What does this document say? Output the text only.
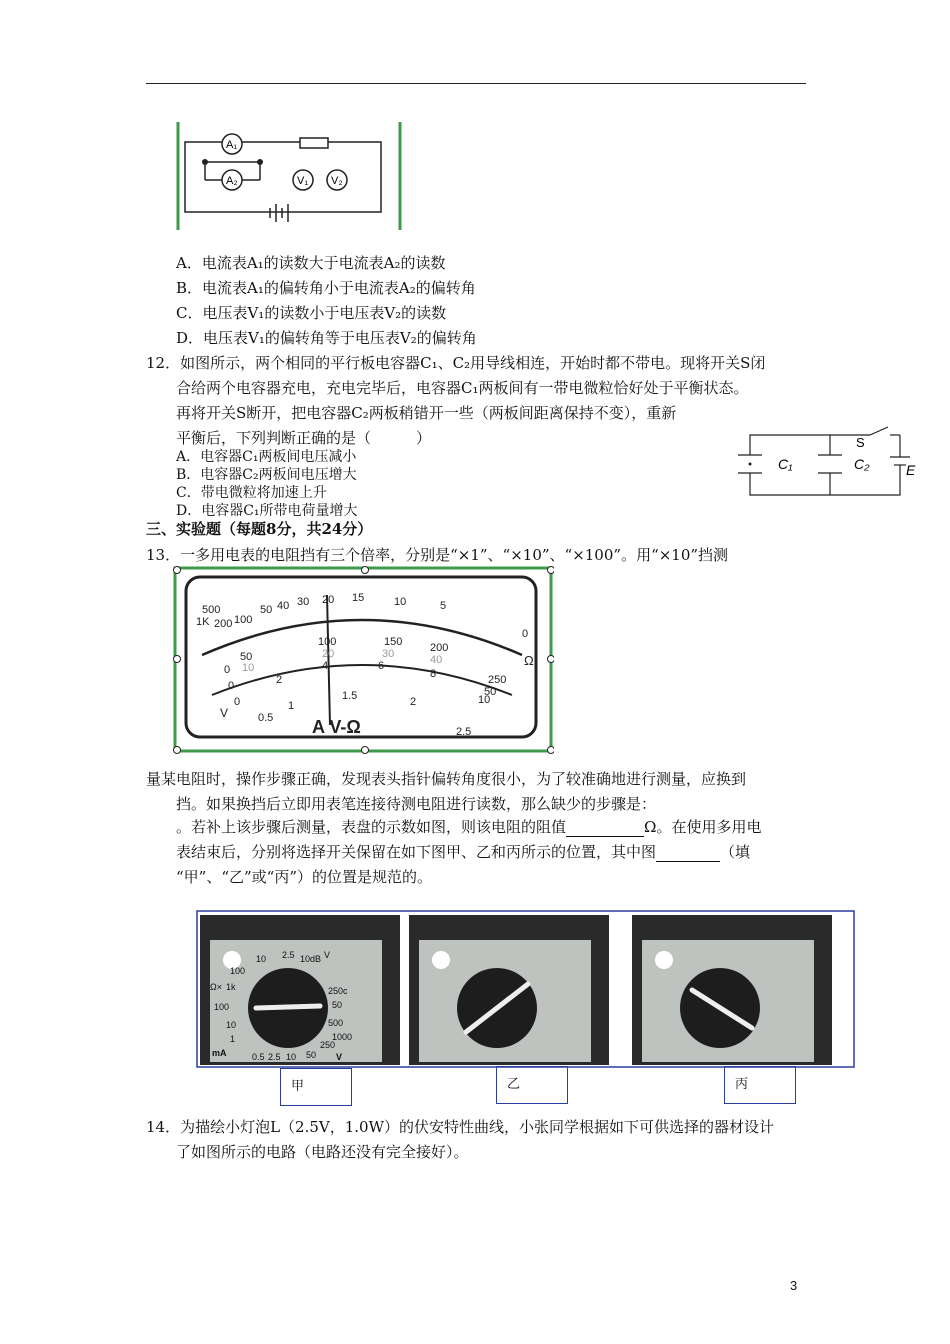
A₁
A₂	V₁ V₂
A．电流表A₁的读数大于电流表A₂的读数
B．电流表A₁的偏转角小于电流表A₂的偏转角
C．电压表V₁的读数小于电压表V₂的读数
D．电压表V₁的偏转角等于电压表V₂的偏转角
12．如图所示，两个相同的平行板电容器C₁、C₂用导线相连，开始时都不带电。现将开关S闭
合给两个电容器充电，充电完毕后，电容器C₁两板间有一带电微粒恰好处于平衡状态。
再将开关S断开，把电容器C₂两板稍错开一些（两板间距离保持不变），重新
平衡后，下列判断正确的是（　　　）
A．电容器C₁两板间电压减小
B．电容器C₂两板间电压增大
C．带电微粒将加速上升
D．电容器C₁所带电荷量增大
C₁	C₂
S
E
三、实验题（每题8分，共24分）
13．一多用电表的电阻挡有三个倍率，分别是“×1”、“×10”、“×100”。用“×10”挡测
500
1K 200 100
50 40 30 20 15	10	5
0
50
100	150	200
250
0 10
20	30	40
50
0	2
4	6
8
10
0
0.5
1
1.5	2
2.5
Ω
V
A V-Ω
量某电阻时，操作步骤正确，发现表头指针偏转角度很小，为了较准确地进行测量，应换到
挡。如果换挡后立即用表笔连接待测电阻进行读数，那么缺少的步骤是：
。若补上该步骤后测量，表盘的示数如图，则该电阻的阻值	Ω。在使用多用电
表结束后，分别将选择开关保留在如下图甲、乙和丙所示的位置，其中图	（填
“甲”、“乙”或“丙”）的位置是规范的。
10 2.5 10dB V
100
1k
Ω×
100
10
1
250c
50
500
1000
mA	0.5 2.5 10 50
250
V
甲	乙	丙
14．为描绘小灯泡L（2.5V，1.0W）的伏安特性曲线，小张同学根据如下可供选择的器材设计
了如图所示的电路（电路还没有完全接好）。
3
